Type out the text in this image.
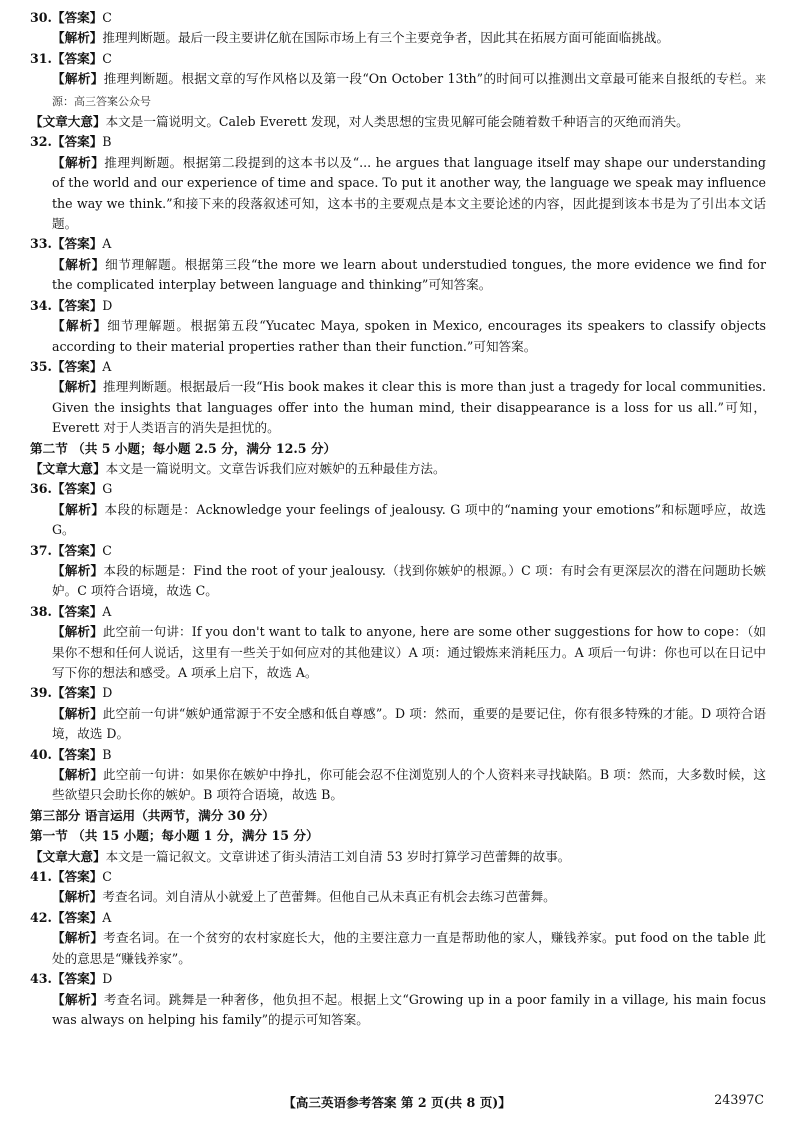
30.【答案】C
【解析】推理判断题。最后一段主要讲亿航在国际市场上有三个主要竞争者，因此其在拓展方面可能面临挑战。
31.【答案】C
【解析】推理判断题。根据文章的写作风格以及第一段“On October 13th”的时间可以推测出文章最可能来自报纸的专栏。来源：高三答案公众号
【文章大意】本文是一篇说明文。Caleb Everett 发现，对人类思想的宝贵见解可能会随着数千种语言的灭绝而消失。
32.【答案】B
【解析】推理判断题。根据第二段提到的这本书以及“... he argues that language itself may shape our understanding of the world and our experience of time and space. To put it another way, the language we speak may influence the way we think.”和接下来的段落叙述可知，这本书的主要观点是本文主要论述的内容，因此提到该本书是为了引出本文话题。
33.【答案】A
【解析】细节理解题。根据第三段“the more we learn about understudied tongues, the more evidence we find for the complicated interplay between language and thinking”可知答案。
34.【答案】D
【解析】细节理解题。根据第五段“Yucatec Maya, spoken in Mexico, encourages its speakers to classify objects according to their material properties rather than their function.”可知答案。
35.【答案】A
【解析】推理判断题。根据最后一段“His book makes it clear this is more than just a tragedy for local communities. Given the insights that languages offer into the human mind, their disappearance is a loss for us all.”可知，Everett 对于人类语言的消失是担忧的。
第二节 （共 5 小题；每小题 2.5 分，满分 12.5 分）
【文章大意】本文是一篇说明文。文章告诉我们应对嫉妒的五种最佳方法。
36.【答案】G
【解析】本段的标题是：Acknowledge your feelings of jealousy. G 项中的“naming your emotions”和标题呼应，故选 G。
37.【答案】C
【解析】本段的标题是：Find the root of your jealousy.（找到你嫉妒的根源。）C 项：有时会有更深层次的潜在问题助长嫉妒。C 项符合语境，故选 C。
38.【答案】A
【解析】此空前一句讲：If you don't want to talk to anyone, here are some other suggestions for how to cope：（如果你不想和任何人说话，这里有一些关于如何应对的其他建议）A 项：通过锻炼来消耗压力。A 项后一句讲：你也可以在日记中写下你的想法和感受。A 项承上启下，故选 A。
39.【答案】D
【解析】此空前一句讲“嫉妒通常源于不安全感和低自尊感”。D 项：然而，重要的是要记住，你有很多特殊的才能。D 项符合语境，故选 D。
40.【答案】B
【解析】此空前一句讲：如果你在嫉妒中挣扎，你可能会忍不住浏览别人的个人资料来寻找缺陷。B 项：然而，大多数时候，这些欲望只会助长你的嫉妒。B 项符合语境，故选 B。
第三部分 语言运用（共两节，满分 30 分）
第一节 （共 15 小题；每小题 1 分，满分 15 分）
【文章大意】本文是一篇记叙文。文章讲述了街头清洁工刘自清 53 岁时打算学习芭蕾舞的故事。
41.【答案】C
【解析】考查名词。刘自清从小就爱上了芭蕾舞。但他自己从未真正有机会去练习芭蕾舞。
42.【答案】A
【解析】考查名词。在一个贫穷的农村家庭长大，他的主要注意力一直是帮助他的家人，赚钱养家。put food on the table 此处的意思是“赚钱养家”。
43.【答案】D
【解析】考查名词。跳舞是一种奢侈，他负担不起。根据上文“Growing up in a poor family in a village, his main focus was always on helping his family”的提示可知答案。
【高三英语参考答案 第 2 页(共 8 页)】	24397C
